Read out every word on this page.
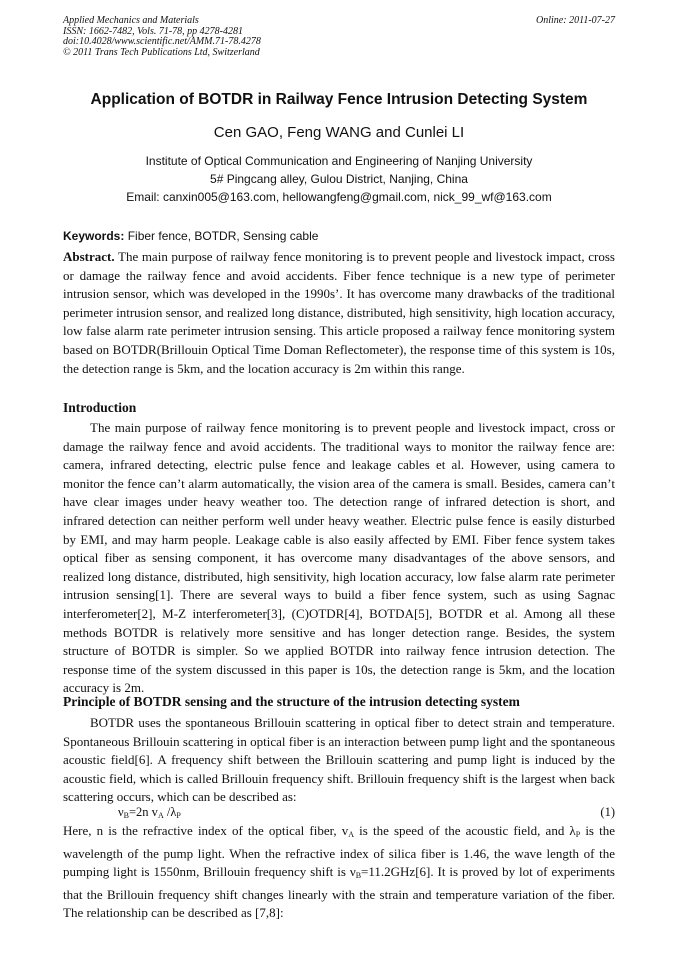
Applied Mechanics and Materials
ISSN: 1662-7482, Vols. 71-78, pp 4278-4281
doi:10.4028/www.scientific.net/AMM.71-78.4278
© 2011 Trans Tech Publications Ltd, Switzerland
Online: 2011-07-27
Application of BOTDR in Railway Fence Intrusion Detecting System
Cen GAO, Feng WANG and Cunlei LI
Institute of Optical Communication and Engineering of Nanjing University
5# Pingcang alley, Gulou District, Nanjing, China
Email: canxin005@163.com, hellowangfeng@gmail.com, nick_99_wf@163.com
Keywords: Fiber fence, BOTDR, Sensing cable
Abstract. The main purpose of railway fence monitoring is to prevent people and livestock impact, cross or damage the railway fence and avoid accidents. Fiber fence technique is a new type of perimeter intrusion sensor, which was developed in the 1990s’. It has overcome many drawbacks of the traditional perimeter intrusion sensor, and realized long distance, distributed, high sensitivity, high location accuracy, low false alarm rate perimeter intrusion sensing. This article proposed a railway fence monitoring system based on BOTDR(Brillouin Optical Time Doman Reflectometer), the response time of this system is 10s, the detection range is 5km, and the location accuracy is 2m within this range.
Introduction
The main purpose of railway fence monitoring is to prevent people and livestock impact, cross or damage the railway fence and avoid accidents. The traditional ways to monitor the railway fence are: camera, infrared detecting, electric pulse fence and leakage cables et al. However, using camera to monitor the fence can’t alarm automatically, the vision area of the camera is small. Besides, camera can’t have clear images under heavy weather too. The detection range of infrared detection is short, and infrared detection can neither perform well under heavy weather. Electric pulse fence is easily disturbed by EMI, and may harm people. Leakage cable is also easily affected by EMI. Fiber fence system takes optical fiber as sensing component, it has overcome many disadvantages of the above sensors, and realized long distance, distributed, high sensitivity, high location accuracy, low false alarm rate perimeter intrusion sensing[1]. There are several ways to build a fiber fence system, such as using Sagnac interferometer[2], M-Z interferometer[3], (C)OTDR[4], BOTDA[5], BOTDR et al. Among all these methods BOTDR is relatively more sensitive and has longer detection range. Besides, the system structure of BOTDR is simpler. So we applied BOTDR into railway fence intrusion detection. The response time of the system discussed in this paper is 10s, the detection range is 5km, and the location accuracy is 2m.
Principle of BOTDR sensing and the structure of the intrusion detecting system
BOTDR uses the spontaneous Brillouin scattering in optical fiber to detect strain and temperature. Spontaneous Brillouin scattering in optical fiber is an interaction between pump light and the spontaneous acoustic field[6]. A frequency shift between the Brillouin scattering and pump light is induced by the acoustic field, which is called Brillouin frequency shift. Brillouin frequency shift is the largest when back scattering occurs, which can be described as:
$\nu_B=2n$ $v_A$ $/\lambda_P$	(1)
Here, n is the refractive index of the optical fiber, $v_A$ is the speed of the acoustic field, and $\lambda_P$ is the wavelength of the pump light. When the refractive index of silica fiber is 1.46, the wave length of the pumping light is 1550nm, Brillouin frequency shift is $\nu_B=11.2GHz[6]$. It is proved by lot of experiments that the Brillouin frequency shift changes linearly with the strain and temperature variation of the fiber. The relationship can be described as [7,8]:
